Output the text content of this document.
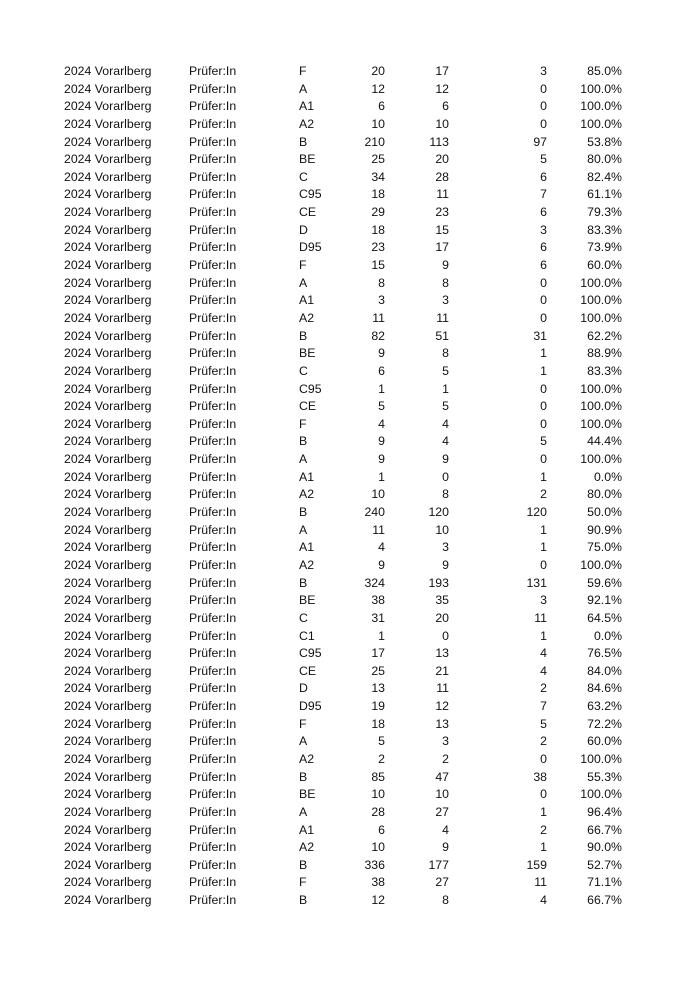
2024 Vorarlberg	Prüfer:In	F	20	17	3	85.0%
2024 Vorarlberg	Prüfer:In	A	12	12	0	100.0%
2024 Vorarlberg	Prüfer:In	A1	6	6	0	100.0%
2024 Vorarlberg	Prüfer:In	A2	10	10	0	100.0%
2024 Vorarlberg	Prüfer:In	B	210	113	97	53.8%
2024 Vorarlberg	Prüfer:In	BE	25	20	5	80.0%
2024 Vorarlberg	Prüfer:In	C	34	28	6	82.4%
2024 Vorarlberg	Prüfer:In	C95	18	11	7	61.1%
2024 Vorarlberg	Prüfer:In	CE	29	23	6	79.3%
2024 Vorarlberg	Prüfer:In	D	18	15	3	83.3%
2024 Vorarlberg	Prüfer:In	D95	23	17	6	73.9%
2024 Vorarlberg	Prüfer:In	F	15	9	6	60.0%
2024 Vorarlberg	Prüfer:In	A	8	8	0	100.0%
2024 Vorarlberg	Prüfer:In	A1	3	3	0	100.0%
2024 Vorarlberg	Prüfer:In	A2	11	11	0	100.0%
2024 Vorarlberg	Prüfer:In	B	82	51	31	62.2%
2024 Vorarlberg	Prüfer:In	BE	9	8	1	88.9%
2024 Vorarlberg	Prüfer:In	C	6	5	1	83.3%
2024 Vorarlberg	Prüfer:In	C95	1	1	0	100.0%
2024 Vorarlberg	Prüfer:In	CE	5	5	0	100.0%
2024 Vorarlberg	Prüfer:In	F	4	4	0	100.0%
2024 Vorarlberg	Prüfer:In	B	9	4	5	44.4%
2024 Vorarlberg	Prüfer:In	A	9	9	0	100.0%
2024 Vorarlberg	Prüfer:In	A1	1	0	1	0.0%
2024 Vorarlberg	Prüfer:In	A2	10	8	2	80.0%
2024 Vorarlberg	Prüfer:In	B	240	120	120	50.0%
2024 Vorarlberg	Prüfer:In	A	11	10	1	90.9%
2024 Vorarlberg	Prüfer:In	A1	4	3	1	75.0%
2024 Vorarlberg	Prüfer:In	A2	9	9	0	100.0%
2024 Vorarlberg	Prüfer:In	B	324	193	131	59.6%
2024 Vorarlberg	Prüfer:In	BE	38	35	3	92.1%
2024 Vorarlberg	Prüfer:In	C	31	20	11	64.5%
2024 Vorarlberg	Prüfer:In	C1	1	0	1	0.0%
2024 Vorarlberg	Prüfer:In	C95	17	13	4	76.5%
2024 Vorarlberg	Prüfer:In	CE	25	21	4	84.0%
2024 Vorarlberg	Prüfer:In	D	13	11	2	84.6%
2024 Vorarlberg	Prüfer:In	D95	19	12	7	63.2%
2024 Vorarlberg	Prüfer:In	F	18	13	5	72.2%
2024 Vorarlberg	Prüfer:In	A	5	3	2	60.0%
2024 Vorarlberg	Prüfer:In	A2	2	2	0	100.0%
2024 Vorarlberg	Prüfer:In	B	85	47	38	55.3%
2024 Vorarlberg	Prüfer:In	BE	10	10	0	100.0%
2024 Vorarlberg	Prüfer:In	A	28	27	1	96.4%
2024 Vorarlberg	Prüfer:In	A1	6	4	2	66.7%
2024 Vorarlberg	Prüfer:In	A2	10	9	1	90.0%
2024 Vorarlberg	Prüfer:In	B	336	177	159	52.7%
2024 Vorarlberg	Prüfer:In	F	38	27	11	71.1%
2024 Vorarlberg	Prüfer:In	B	12	8	4	66.7%
